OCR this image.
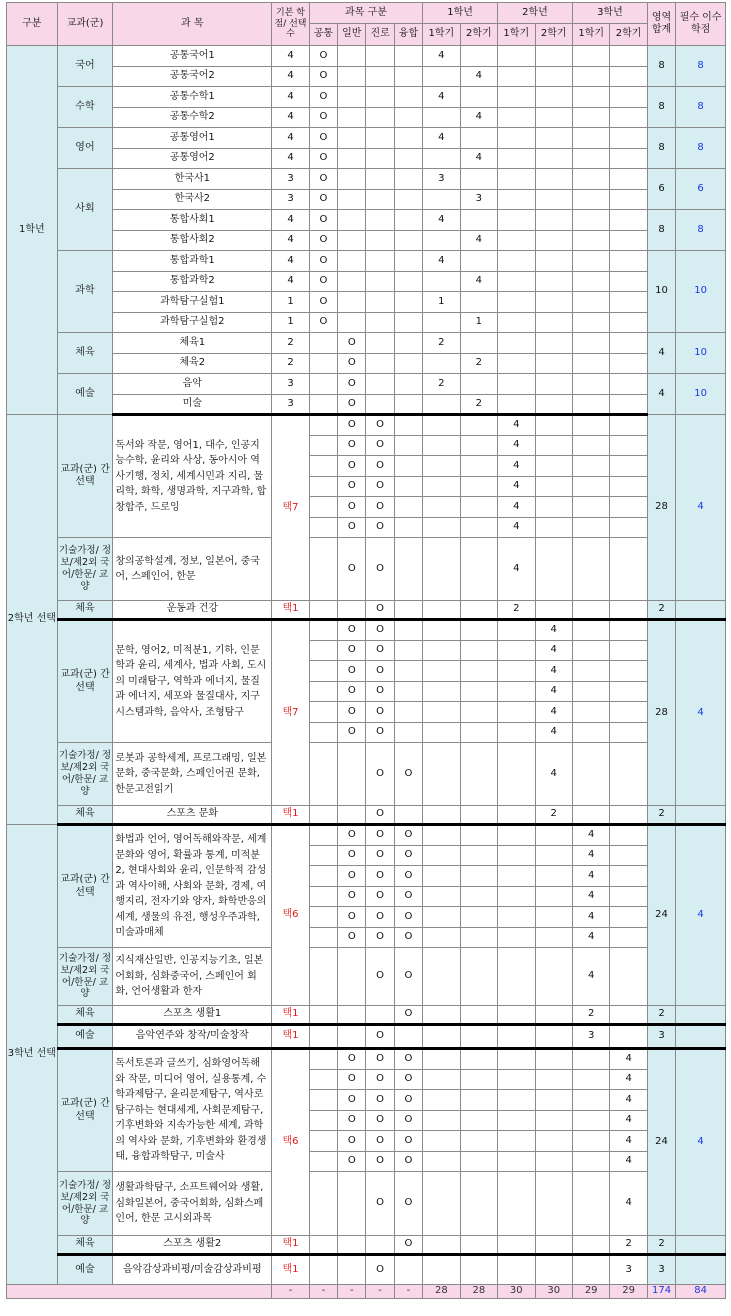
구분	교과(군)	과 목	기본 학점/ 선택수	과목 구분				1학년		2학년		3학년		영역 합계	필수 이수학점
				공통	일반	진로	융합	1학기	2학기	1학기	2학기	1학기	2학기		
1학년	국어	공통국어1	4	O				4						8	8
		공통국어2	4	O					4						
	수학	공통수학1	4	O				4						8	8
		공통수학2	4	O					4						
	영어	공통영어1	4	O				4						8	8
		공통영어2	4	O					4						
	사회	한국사1	3	O				3						6	6
		한국사2	3	O					3						
		통합사회1	4	O				4						8	8
		통합사회2	4	O					4						
	과학	통합과학1	4	O				4						10	10
		통합과학2	4	O					4						
		과학탐구실험1	1	O				1							
		과학탐구실험2	1	O					1						
	체육	체육1	2		O			2						4	10
		체육2	2		O				2						
	예술	음악	3		O			2						4	10
		미술	3		O				2						
2학년 선택	교과(군) 간 선택	독서와 작문, 영어1, 대수, 인공지능수학, 윤리와 사상, 동아시아 역사기행, 정치, 세계시민과 지리, 물리학, 화학, 생명과학, 지구과학, 합창합주, 드로잉	택7		O	O				4				28	4
					O	O				4					
					O	O				4					
					O	O				4					
					O	O				4					
					O	O				4					
	기술가정/ 정보/제2외 국어/한문/ 교양	창의공학설계, 정보, 일본어, 중국어, 스페인어, 한문			O	O				4					
	체육	운동과 건강	택1			O				2				2	
	교과(군) 간 선택	문학, 영어2, 미적분1, 기하, 인문학과 윤리, 세계사, 법과 사회, 도시의 미래탐구, 역학과 에너지, 물질과 에너지, 세포와 물질대사, 지구시스템과학, 음악사, 조형탐구	택7		O	O					4			28	4
					O	O					4				
					O	O					4				
					O	O					4				
					O	O					4				
					O	O					4				
	기술가정/ 정보/제2외 국어/한문/ 교양	로봇과 공학세계, 프로그래밍, 일본문화, 중국문화, 스페인어권 문화, 한문고전읽기				O	O				4				
	체육	스포츠 문화	택1			O					2			2	
3학년 선택	교과(군) 간 선택	화법과 언어, 영어독해와작문, 세계문화와 영어, 확률과 통계, 미적분2, 현대사회와 윤리, 인문학적 감성과 역사이해, 사회와 문화, 경제, 여행지리, 전자기와 양자, 화학반응의 세계, 생물의 유전, 행성우주과학, 미술과매체	택6		O	O	O					4		24	4
					O	O	O					4			
					O	O	O					4			
					O	O	O					4			
					O	O	O					4			
					O	O	O					4			
	기술가정/ 정보/제2외 국어/한문/ 교양	지식재산일반, 인공지능기초, 일본어회화, 심화중국어, 스페인어 회화, 언어생활과 한자				O	O					4			
	체육	스포츠 생활1	택1				O					2		2	
	예술	음악연주와 창작/미술창작	택1			O						3		3	
	교과(군) 간 선택	독서토론과 글쓰기, 심화영어독해와 작문, 미디어 영어, 실용통계, 수학과제탐구, 윤리문제탐구, 역사로 탐구하는 현대세계, 사회문제탐구, 기후변화와 지속가능한 세계, 과학의 역사와 문화, 기후변화와 환경생태, 융합과학탐구, 미술사	택6		O	O	O						4	24	4
					O	O	O						4		
					O	O	O						4		
					O	O	O						4		
					O	O	O						4		
					O	O	O						4		
	기술가정/ 정보/제2외 국어/한문/ 교양	생활과학탐구, 소프트웨어와 생활, 심화일본어, 중국어회화, 심화스페인어, 한문 고시외과목				O	O						4		
	체육	스포츠 생활2	택1				O						2	2	
	예술	음악감상과비평/미술감상과비평	택1			O							3	3	
			-	-	-	-	-	28	28	30	30	29	29	174	84
